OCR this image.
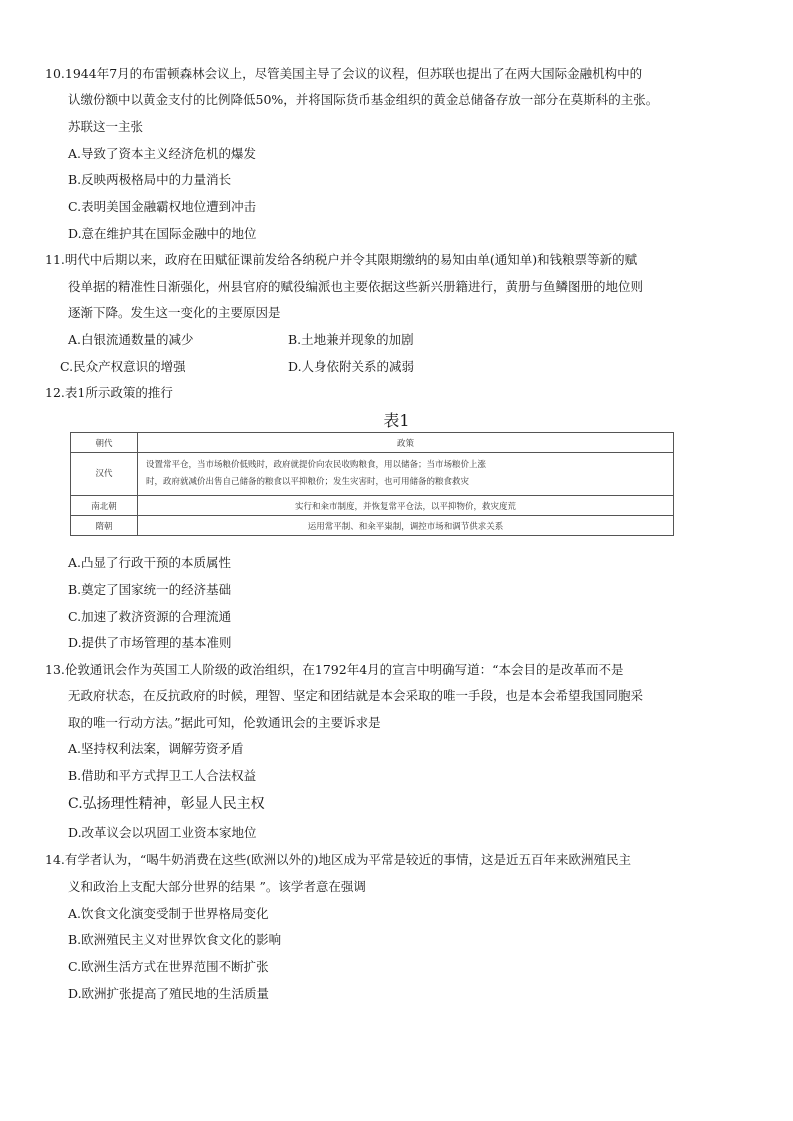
10.1944年7月的布雷顿森林会议上，尽管美国主导了会议的议程，但苏联也提出了在两大国际金融机构中的
认缴份额中以黄金支付的比例降低50%，并将国际货币基金组织的黄金总储备存放一部分在莫斯科的主张。
苏联这一主张
A.导致了资本主义经济危机的爆发
B.反映两极格局中的力量消长
C.表明美国金融霸权地位遭到冲击
D.意在维护其在国际金融中的地位
11.明代中后期以来，政府在田赋征课前发给各纳税户并令其限期缴纳的易知由单(通知单)和钱粮票等新的赋
役单据的精准性日渐强化，州县官府的赋役编派也主要依据这些新兴册籍进行，黄册与鱼鳞图册的地位则
逐渐下降。发生这一变化的主要原因是
A.白银流通数量的减少	B.土地兼并现象的加剧
C.民众产权意识的增强	D.人身依附关系的减弱
12.表1所示政策的推行
表1
朝代	政策
汉代	设置常平仓，当市场粮价低贱时，政府就提价向农民收购粮食，用以储备；当市场粮价上涨
时，政府就减价出售自己储备的粮食以平抑粮价；发生灾害时，也可用储备的粮食救灾

南北朝	实行和籴市制度，并恢复常平仓法，以平抑物价，救灾度荒
隋朝	运用常平制、和籴平粜制，调控市场和调节供求关系
A.凸显了行政干预的本质属性
B.奠定了国家统一的经济基础
C.加速了救济资源的合理流通
D.提供了市场管理的基本准则
13.伦敦通讯会作为英国工人阶级的政治组织，在1792年4月的宣言中明确写道：“本会目的是改革而不是
无政府状态，在反抗政府的时候，理智、坚定和团结就是本会采取的唯一手段，也是本会希望我国同胞采
取的唯一行动方法。”据此可知，伦敦通讯会的主要诉求是
A.坚持权利法案，调解劳资矛盾
B.借助和平方式捍卫工人合法权益
C.弘扬理性精神，彰显人民主权
D.改革议会以巩固工业资本家地位
14.有学者认为，“喝牛奶消费在这些(欧洲以外的)地区成为平常是较近的事情，这是近五百年来欧洲殖民主
义和政治上支配大部分世界的结果 ”。该学者意在强调
A.饮食文化演变受制于世界格局变化
B.欧洲殖民主义对世界饮食文化的影响
C.欧洲生活方式在世界范围不断扩张
D.欧洲扩张提高了殖民地的生活质量
